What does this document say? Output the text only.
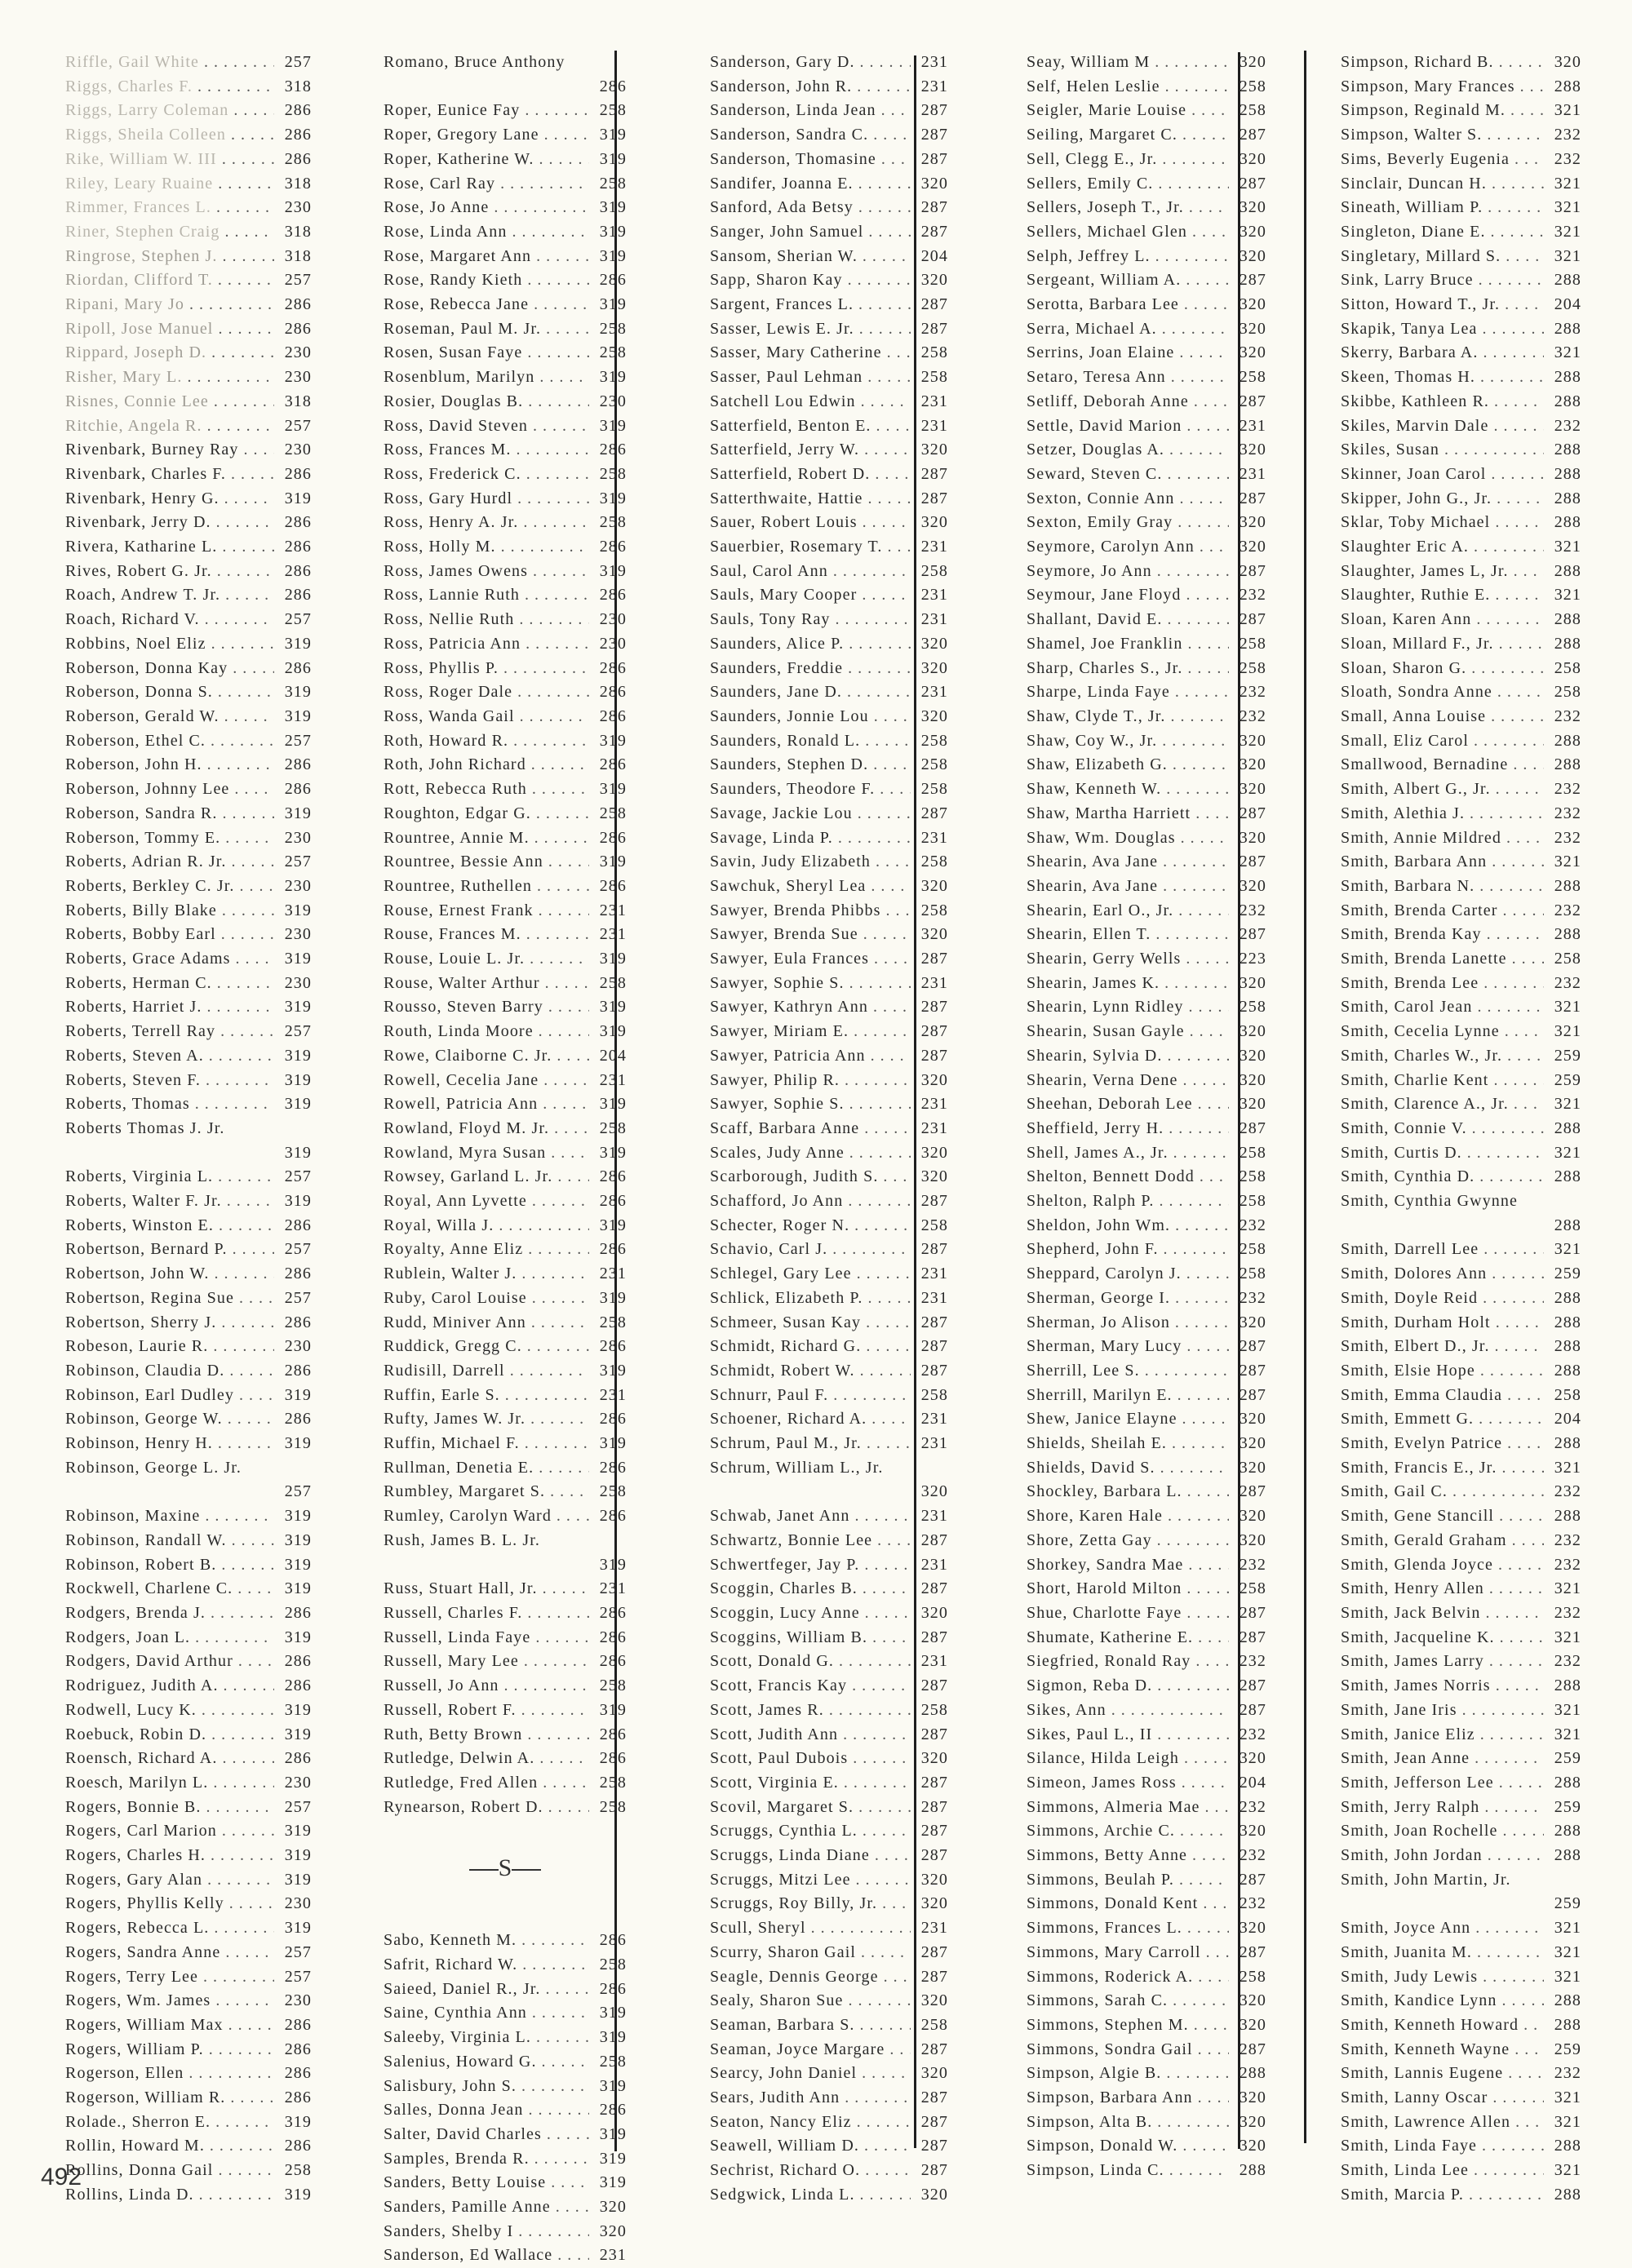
Riffle, Gail White . . .	257
Riggs, Charles F. . . .	318
Riggs, Larry Coleman . . .	286
Riggs, Sheila Colleen . . .	286
Rike, William W. III . . .	286
Riley, Leary Ruaine . . .	318
Rimmer, Frances L. . . .	230
Riner, Stephen Craig . . .	318
Ringrose, Stephen J. . . .	318
Riordan, Clifford T. . . .	257
Ripani, Mary Jo . . .	286
Ripoll, Jose Manuel . . .	286
Rippard, Joseph D. . . .	230
Risher, Mary L. . . .	230
Risnes, Connie Lee . . .	318
Ritchie, Angela R. . . .	257
Rivenbark, Burney Ray . . .	230
Rivenbark, Charles F. . . .	286
Rivenbark, Henry G. . . .	319
Rivenbark, Jerry D. . . .	286
Rivera, Katharine L. . . .	286
Rives, Robert G. Jr. . . .	286
Roach, Andrew T. Jr. . . .	286
Roach, Richard V. . . .	257
Robbins, Noel Eliz . . .	319
Roberson, Donna Kay . . .	286
Roberson, Donna S. . . .	319
Roberson, Gerald W. . . .	319
Roberson, Ethel C. . . .	257
Roberson, John H. . . .	286
Roberson, Johnny Lee . . .	286
Roberson, Sandra R. . . .	319
Roberson, Tommy E. . . .	230
Roberts, Adrian R. Jr. . . .	257
Roberts, Berkley C. Jr. . . .	230
Roberts, Billy Blake . . .	319
Roberts, Bobby Earl . . .	230
Roberts, Grace Adams . . .	319
Roberts, Herman C. . . .	230
Roberts, Harriet J. . . .	319
Roberts, Terrell Ray . . .	257
Roberts, Steven A. . . .	319
Roberts, Steven F. . . .	319
Roberts, Thomas . . .	319
Roberts Thomas J. Jr.
319
Roberts, Virginia L. . . .	257
Roberts, Walter F. Jr. . . .	319
Roberts, Winston E. . . .	286
Robertson, Bernard P. . . .	257
Robertson, John W. . . .	286
Robertson, Regina Sue . . .	257
Robertson, Sherry J. . . .	286
Robeson, Laurie R. . . .	230
Robinson, Claudia D. . . .	286
Robinson, Earl Dudley . . .	319
Robinson, George W. . . .	286
Robinson, Henry H. . . .	319
Robinson, George L. Jr.
257
Robinson, Maxine . . .	319
Robinson, Randall W. . . .	319
Robinson, Robert B. . . .	319
Rockwell, Charlene C. . . .	319
Rodgers, Brenda J. . . .	286
Rodgers, Joan L. . . .	319
Rodgers, David Arthur . . .	286
Rodriguez, Judith A. . . .	286
Rodwell, Lucy K. . . .	319
Roebuck, Robin D. . . .	319
Roensch, Richard A. . . .	286
Roesch, Marilyn L. . . .	230
Rogers, Bonnie B. . . .	257
Rogers, Carl Marion . . .	319
Rogers, Charles H. . . .	319
Rogers, Gary Alan . . .	319
Rogers, Phyllis Kelly . . .	230
Rogers, Rebecca L. . . .	319
Rogers, Sandra Anne . . .	257
Rogers, Terry Lee . . .	257
Rogers, Wm. James . . .	230
Rogers, William Max . . .	286
Rogers, William P. . . .	286
Rogerson, Ellen . . .	286
Rogerson, William R. . . .	286
Rolade., Sherron E. . . .	319
Rollin, Howard M. . . .	286
Rollins, Donna Gail . . .	258
Rollins, Linda D. . . .	319
Romano, Bruce Anthony
286
Roper, Eunice Fay . . .	258
Roper, Gregory Lane . . .	319
Roper, Katherine W. . . .	319
Rose, Carl Ray . . .	258
Rose, Jo Anne . . .	319
Rose, Linda Ann . . .	319
Rose, Margaret Ann . . .	319
Rose, Randy Kieth . . .	286
Rose, Rebecca Jane . . .	319
Roseman, Paul M. Jr. . . .	258
Rosen, Susan Faye . . .	258
Rosenblum, Marilyn . . .	319
Rosier, Douglas B. . . .	230
Ross, David Steven . . .	319
Ross, Frances M. . . .	286
Ross, Frederick C. . . .	258
Ross, Gary Hurdl . . .	319
Ross, Henry A. Jr. . . .	258
Ross, Holly M. . . .	286
Ross, James Owens . . .	319
Ross, Lannie Ruth . . .	286
Ross, Nellie Ruth . . .	230
Ross, Patricia Ann . . .	230
Ross, Phyllis P. . . .	286
Ross, Roger Dale . . .	286
Ross, Wanda Gail . . .	286
Roth, Howard R. . . .	319
Roth, John Richard . . .	286
Rott, Rebecca Ruth . . .	319
Roughton, Edgar G. . . .	258
Rountree, Annie M. . . .	286
Rountree, Bessie Ann . . .	319
Rountree, Ruthellen . . .	286
Rouse, Ernest Frank . . .	231
Rouse, Frances M. . . .	231
Rouse, Louie L. Jr. . . .	319
Rouse, Walter Arthur . . .	258
Rousso, Steven Barry . . .	319
Routh, Linda Moore . . .	319
Rowe, Claiborne C. Jr. . . .	204
Rowell, Cecelia Jane . . .	231
Rowell, Patricia Ann . . .	319
Rowland, Floyd M. Jr. . . .	258
Rowland, Myra Susan . . .	319
Rowsey, Garland L. Jr. . . .	286
Royal, Ann Lyvette . . .	286
Royal, Willa J. . . .	319
Royalty, Anne Eliz . . .	286
Rublein, Walter J. . . .	231
Ruby, Carol Louise . . .	319
Rudd, Miniver Ann . . .	258
Ruddick, Gregg C. . . .	286
Rudisill, Darrell . . .	319
Ruffin, Earle S. . . .	231
Rufty, James W. Jr. . . .	286
Ruffin, Michael F. . . .	319
Rullman, Denetia E. . . .	286
Rumbley, Margaret S. . . .	258
Rumley, Carolyn Ward . . .	286
Rush, James B. L. Jr.
319
Russ, Stuart Hall, Jr. . . .	231
Russell, Charles F. . . .	286
Russell, Linda Faye . . .	286
Russell, Mary Lee . . .	286
Russell, Jo Ann . . .	258
Russell, Robert F. . . .	319
Ruth, Betty Brown . . .	286
Rutledge, Delwin A. . . .	286
Rutledge, Fred Allen . . .	258
Rynearson, Robert D. . . .	258
S
Sabo, Kenneth M. . . .	286
Safrit, Richard W. . . .	258
Saieed, Daniel R., Jr. . . .	286
Saine, Cynthia Ann . . .	319
Saleeby, Virginia L. . . .	319
Salenius, Howard G. . . .	258
Salisbury, John S. . . .	319
Salles, Donna Jean . . .	286
Salter, David Charles . . .	319
Samples, Brenda R. . . .	319
Sanders, Betty Louise . . .	319
Sanders, Pamille Anne . . .	320
Sanders, Shelby I . . .	320
Sanderson, Ed Wallace . . .	231
Sanderson, Gary D. . . .	231
Sanderson, John R. . . .	231
Sanderson, Linda Jean . . .	287
Sanderson, Sandra C. . . .	287
Sanderson, Thomasine . . .	287
Sandifer, Joanna E. . . .	320
Sanford, Ada Betsy . . .	287
Sanger, John Samuel . . .	287
Sansom, Sherian W. . . .	204
Sapp, Sharon Kay . . .	320
Sargent, Frances L. . . .	287
Sasser, Lewis E. Jr. . . .	287
Sasser, Mary Catherine . . .	258
Sasser, Paul Lehman . . .	258
Satchell Lou Edwin . . .	231
Satterfield, Benton E. . . .	231
Satterfield, Jerry W. . . .	320
Satterfield, Robert D. . . .	287
Satterthwaite, Hattie . . .	287
Sauer, Robert Louis . . .	320
Sauerbier, Rosemary T. . . .	231
Saul, Carol Ann . . .	258
Sauls, Mary Cooper . . .	231
Sauls, Tony Ray . . .	231
Saunders, Alice P. . . .	320
Saunders, Freddie . . .	320
Saunders, Jane D. . . .	231
Saunders, Jonnie Lou . . .	320
Saunders, Ronald L. . . .	258
Saunders, Stephen D. . . .	258
Saunders, Theodore F. . . .	258
Savage, Jackie Lou . . .	287
Savage, Linda P. . . .	231
Savin, Judy Elizabeth . . .	258
Sawchuk, Sheryl Lea . . .	320
Sawyer, Brenda Phibbs . . .	258
Sawyer, Brenda Sue . . .	320
Sawyer, Eula Frances . . .	287
Sawyer, Sophie S. . . .	231
Sawyer, Kathryn Ann . . .	287
Sawyer, Miriam E. . . .	287
Sawyer, Patricia Ann . . .	287
Sawyer, Philip R. . . .	320
Sawyer, Sophie S. . . .	231
Scaff, Barbara Anne . . .	231
Scales, Judy Anne . . .	320
Scarborough, Judith S. . . .	320
Schafford, Jo Ann . . .	287
Schecter, Roger N. . . .	258
Schavio, Carl J. . . .	287
Schlegel, Gary Lee . . .	231
Schlick, Elizabeth P. . . .	231
Schmeer, Susan Kay . . .	287
Schmidt, Richard G. . . .	287
Schmidt, Robert W. . . .	287
Schnurr, Paul F. . . .	258
Schoener, Richard A. . . .	231
Schrum, Paul M., Jr. . . .	231
Schrum, William L., Jr.
320
Schwab, Janet Ann . . .	231
Schwartz, Bonnie Lee . . .	287
Schwertfeger, Jay P. . . .	231
Scoggin, Charles B. . . .	287
Scoggin, Lucy Anne . . .	320
Scoggins, William B. . . .	287
Scott, Donald G. . . .	231
Scott, Francis Kay . . .	287
Scott, James R. . . .	258
Scott, Judith Ann . . .	287
Scott, Paul Dubois . . .	320
Scott, Virginia E. . . .	287
Scovil, Margaret S. . . .	287
Scruggs, Cynthia L. . . .	287
Scruggs, Linda Diane . . .	287
Scruggs, Mitzi Lee . . .	320
Scruggs, Roy Billy, Jr. . . .	320
Scull, Sheryl . . .	231
Scurry, Sharon Gail . . .	287
Seagle, Dennis George . . .	287
Sealy, Sharon Sue . . .	320
Seaman, Barbara S. . . .	258
Seaman, Joyce Margare . . .	287
Searcy, John Daniel . . .	320
Sears, Judith Ann . . .	287
Seaton, Nancy Eliz . . .	287
Seawell, William D. . . .	287
Sechrist, Richard O. . . .	287
Sedgwick, Linda L. . . .	320
Seay, William M . . .	320
Self, Helen Leslie . . .	258
Seigler, Marie Louise . . .	258
Seiling, Margaret C. . . .	287
Sell, Clegg E., Jr. . . .	320
Sellers, Emily C. . . .	287
Sellers, Joseph T., Jr. . . .	320
Sellers, Michael Glen . . .	320
Selph, Jeffrey L. . . .	320
Sergeant, William A. . . .	287
Serotta, Barbara Lee . . .	320
Serra, Michael A. . . .	320
Serrins, Joan Elaine . . .	320
Setaro, Teresa Ann . . .	258
Setliff, Deborah Anne . . .	287
Settle, David Marion . . .	231
Setzer, Douglas A. . . .	320
Seward, Steven C. . . .	231
Sexton, Connie Ann . . .	287
Sexton, Emily Gray . . .	320
Seymore, Carolyn Ann . . .	320
Seymore, Jo Ann . . .	287
Seymour, Jane Floyd . . .	232
Shallant, David E. . . .	287
Shamel, Joe Franklin . . .	258
Sharp, Charles S., Jr. . . .	258
Sharpe, Linda Faye . . .	232
Shaw, Clyde T., Jr. . . .	232
Shaw, Coy W., Jr. . . .	320
Shaw, Elizabeth G. . . .	320
Shaw, Kenneth W. . . .	320
Shaw, Martha Harriett . . .	287
Shaw, Wm. Douglas . . .	320
Shearin, Ava Jane . . .	287
Shearin, Ava Jane . . .	320
Shearin, Earl O., Jr. . . .	232
Shearin, Ellen T. . . .	287
Shearin, Gerry Wells . . .	223
Shearin, James K. . . .	320
Shearin, Lynn Ridley . . .	258
Shearin, Susan Gayle . . .	320
Shearin, Sylvia D. . . .	320
Shearin, Verna Dene . . .	320
Sheehan, Deborah Lee . . .	320
Sheffield, Jerry H. . . .	287
Shell, James A., Jr. . . .	258
Shelton, Bennett Dodd . . .	258
Shelton, Ralph P. . . .	258
Sheldon, John Wm. . . .	232
Shepherd, John F. . . .	258
Sheppard, Carolyn J. . . .	258
Sherman, George I. . . .	232
Sherman, Jo Alison . . .	320
Sherman, Mary Lucy . . .	287
Sherrill, Lee S. . . .	287
Sherrill, Marilyn E. . . .	287
Shew, Janice Elayne . . .	320
Shields, Sheilah E. . . .	320
Shields, David S. . . .	320
Shockley, Barbara L. . . .	287
Shore, Karen Hale . . .	320
Shore, Zetta Gay . . .	320
Shorkey, Sandra Mae . . .	232
Short, Harold Milton . . .	258
Shue, Charlotte Faye . . .	287
Shumate, Katherine E. . . .	287
Siegfried, Ronald Ray . . .	232
Sigmon, Reba D. . . .	287
Sikes, Ann . . .	287
Sikes, Paul L., II . . .	232
Silance, Hilda Leigh . . .	320
Simeon, James Ross . . .	204
Simmons, Almeria Mae . . .	232
Simmons, Archie C. . . .	320
Simmons, Betty Anne . . .	232
Simmons, Beulah P. . . .	287
Simmons, Donald Kent . . .	232
Simmons, Frances L. . . .	320
Simmons, Mary Carroll . . .	287
Simmons, Roderick A. . . .	258
Simmons, Sarah C. . . .	320
Simmons, Stephen M. . . .	320
Simmons, Sondra Gail . . .	287
Simpson, Algie B. . . .	288
Simpson, Barbara Ann . . .	320
Simpson, Alta B. . . .	320
Simpson, Donald W. . . .	320
Simpson, Linda C. . . .	288
Simpson, Richard B. . . .	320
Simpson, Mary Frances . . .	288
Simpson, Reginald M. . . .	321
Simpson, Walter S. . . .	232
Sims, Beverly Eugenia . . .	232
Sinclair, Duncan H. . . .	321
Sineath, William P. . . .	321
Singleton, Diane E. . . .	321
Singletary, Millard S. . . .	321
Sink, Larry Bruce . . .	288
Sitton, Howard T., Jr. . . .	204
Skapik, Tanya Lea . . .	288
Skerry, Barbara A. . . .	321
Skeen, Thomas H. . . .	288
Skibbe, Kathleen R. . . .	288
Skiles, Marvin Dale . . .	232
Skiles, Susan . . .	288
Skinner, Joan Carol . . .	288
Skipper, John G., Jr. . . .	288
Sklar, Toby Michael . . .	288
Slaughter Eric A. . . .	321
Slaughter, James L, Jr. . . .	288
Slaughter, Ruthie E. . . .	321
Sloan, Karen Ann . . .	288
Sloan, Millard F., Jr. . . .	288
Sloan, Sharon G. . . .	258
Sloath, Sondra Anne . . .	258
Small, Anna Louise . . .	232
Small, Eliz Carol . . .	288
Smallwood, Bernadine . . .	288
Smith, Albert G., Jr. . . .	232
Smith, Alethia J. . . .	232
Smith, Annie Mildred . . .	232
Smith, Barbara Ann . . .	321
Smith, Barbara N. . . .	288
Smith, Brenda Carter . . .	232
Smith, Brenda Kay . . .	288
Smith, Brenda Lanette . . .	258
Smith, Brenda Lee . . .	232
Smith, Carol Jean . . .	321
Smith, Cecelia Lynne . . .	321
Smith, Charles W., Jr. . . .	259
Smith, Charlie Kent . . .	259
Smith, Clarence A., Jr. . . .	321
Smith, Connie V. . . .	288
Smith, Curtis D. . . .	321
Smith, Cynthia D. . . .	288
Smith, Cynthia Gwynne
288
Smith, Darrell Lee . . .	321
Smith, Dolores Ann . . .	259
Smith, Doyle Reid . . .	288
Smith, Durham Holt . . .	288
Smith, Elbert D., Jr. . . .	288
Smith, Elsie Hope . . .	288
Smith, Emma Claudia . . .	258
Smith, Emmett G. . . .	204
Smith, Evelyn Patrice . . .	288
Smith, Francis E., Jr. . . .	321
Smith, Gail C. . . .	232
Smith, Gene Stancill . . .	288
Smith, Gerald Graham . . .	232
Smith, Glenda Joyce . . .	232
Smith, Henry Allen . . .	321
Smith, Jack Belvin . . .	232
Smith, Jacqueline K. . . .	321
Smith, James Larry . . .	232
Smith, James Norris . . .	288
Smith, Jane Iris . . .	321
Smith, Janice Eliz . . .	321
Smith, Jean Anne . . .	259
Smith, Jefferson Lee . . .	288
Smith, Jerry Ralph . . .	259
Smith, Joan Rochelle . . .	288
Smith, John Jordan . . .	288
Smith, John Martin, Jr.
259
Smith, Joyce Ann . . .	321
Smith, Juanita M. . . .	321
Smith, Judy Lewis . . .	321
Smith, Kandice Lynn . . .	288
Smith, Kenneth Howard . . .	288
Smith, Kenneth Wayne . . .	259
Smith, Lannis Eugene . . .	232
Smith, Lanny Oscar . . .	321
Smith, Lawrence Allen . . .	321
Smith, Linda Faye . . .	288
Smith, Linda Lee . . .	321
Smith, Marcia P. . . .	288
492
